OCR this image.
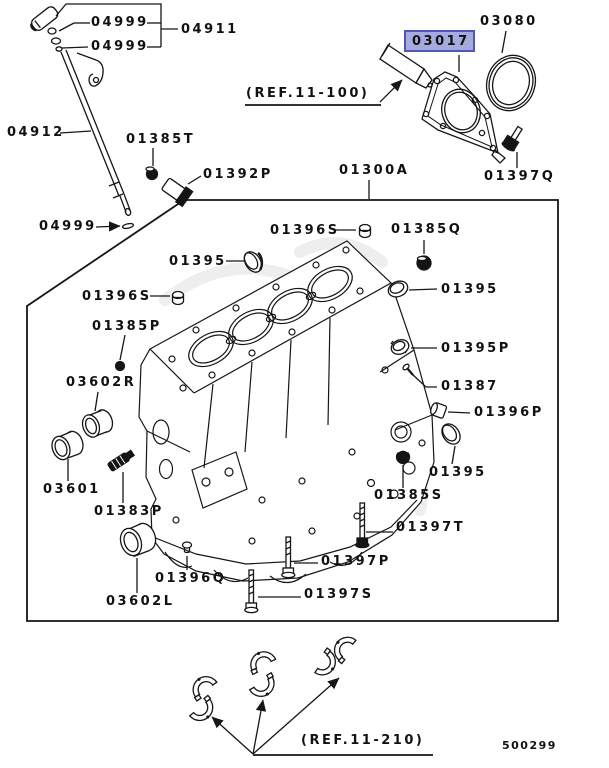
04999
04999
04911
04912	01385T
01392P
04999
(REF.11-100)
03017
03080
01397Q
01300A
01396S	01385Q
01395
01396S
01385P
03602R
01395
01395P
01387
01396P
01395
01385S
01397T
03601
01383P
03602L
01396Q
01397P
01397S
(REF.11-210)	500299
